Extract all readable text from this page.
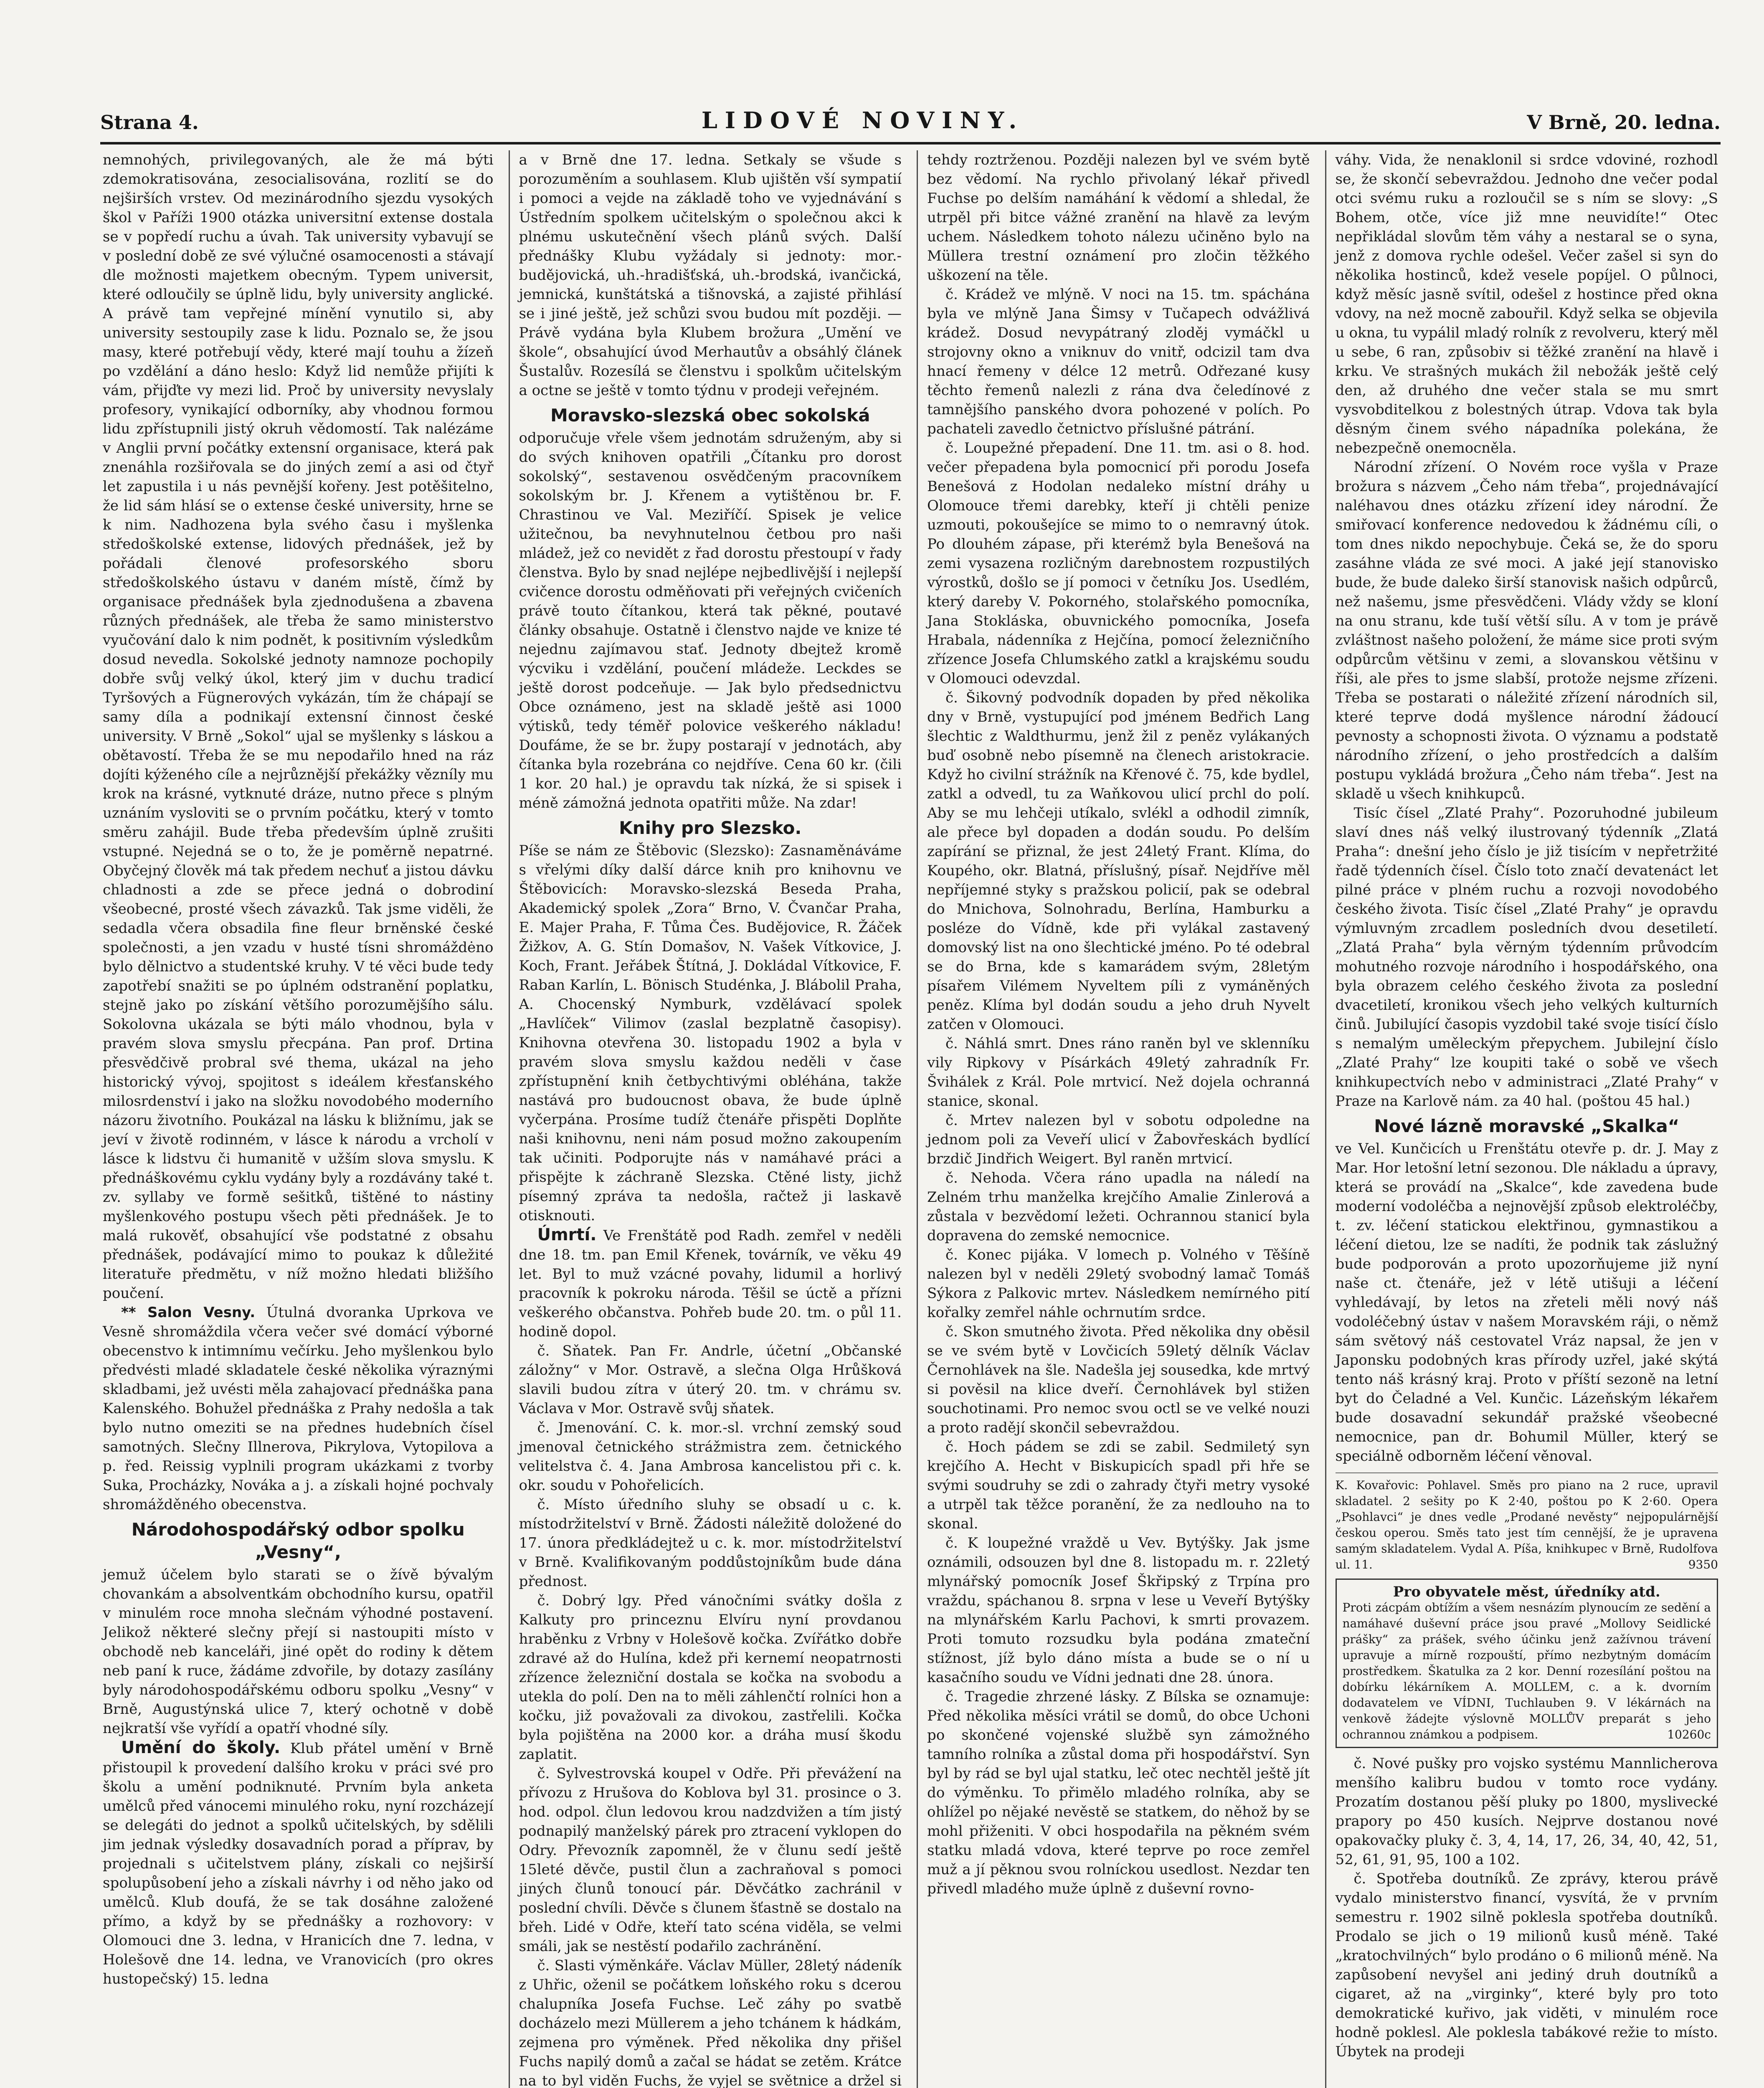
Strana 4.	LIDOVÉ NOVINY.	V Brně, 20. ledna.

nemnohých, privilegovaných, ale že má býti zdemokratisována, zesocialisována, rozlití se do nejširších vrstev. Od mezinárodního sjezdu vysokých škol v Paříži 1900 otázka universitní extense dostala se v popředí ruchu a úvah. Tak university vybavují se v poslední době ze své výlučné osamocenosti a stávají dle možnosti majetkem obecným. Typem universit, které odloučily se úplně lidu, byly university anglické. A právě tam vepřejné mínění vynutilo si, aby university sestoupily zase k lidu. Poznalo se, že jsou masy, které potřebují vědy, které mají touhu a žízeň po vzdělání a dáno heslo: Když lid nemůže přijíti k vám, přijďte vy mezi lid. Proč by university nevyslaly profesory, vynikající odborníky, aby vhodnou formou lidu zpřístupnili jistý okruh vědomostí. Tak nalézáme v Anglii první počátky extensní organisace, která pak znenáhla rozšiřovala se do jiných zemí a asi od čtyř let zapustila i u nás pevnější kořeny. Jest potěšitelno, že lid sám hlásí se o extense české university, hrne se k nim. Nadhozena byla svého času i myšlenka středoškolské extense, lidových přednášek, jež by pořádali členové profesorského sboru středoškolského ústavu v daném místě, čímž by organisace přednášek byla zjednodušena a zbavena různých přednášek, ale třeba že samo ministerstvo vyučování dalo k nim podnět, k positivním výsledkům dosud nevedla. Sokolské jednoty namnoze pochopily dobře svůj velký úkol, který jim v duchu tradicí Tyršových a Fügnerových vykázán, tím že chápají se samy díla a podnikají extensní činnost české university. V Brně „Sokol“ ujal se myšlenky s láskou a obětavostí. Třeba že se mu nepodařilo hned na ráz dojíti kýženého cíle a nejrůznější překážky vězníly mu krok na krásné, vytknuté dráze, nutno přece s plným uznáním vysloviti se o prvním počátku, který v tomto směru zahájil. Bude třeba především úplně zrušiti vstupné. Nejedná se o to, že je poměrně nepatrné. Obyčejný člověk má tak předem nechuť a jistou dávku chladnosti a zde se přece jedná o dobrodiní všeobecné, prosté všech závazků. Tak jsme viděli, že sedadla včera obsadila fine fleur brněnské české společnosti, a jen vzadu v husté tísni shromáždėno bylo dělnictvo a studentské kruhy. V té věci bude tedy zapotřebí snažiti se po úplném odstranění poplatku, stejně jako po získání většího porozumějšího sálu. Sokolovna ukázala se býti málo vhodnou, byla v pravém slova smyslu přecpána. Pan prof. Drtina přesvědčivě probral své thema, ukázal na jeho historický vývoj, spojitost s ideálem křesťanského milosrdenství i jako na složku novodobého moderního názoru životního. Poukázal na lásku k bližnímu, jak se jeví v životě rodinném, v lásce k národu a vrcholí v lásce k lidstvu či humanitě v užším slova smyslu. K přednáškovému cyklu vydány byly a rozdávány také t. zv. syllaby ve formě sešitků, tištěné to nástiny myšlenkového postupu všech pěti přednášek. Je to malá rukověť, obsahující vše podstatné z obsahu přednášek, podávající mimo to poukaz k důležité literatuře předmětu, v níž možno hledati bližšího poučení.

** Salon Vesny. Útulná dvoranka Uprkova ve Vesně shromáždila včera večer své domácí výborné obecenstvo k intimnímu večírku. Jeho myšlenkou bylo předvésti mladé skladatele české několika výraznými skladbami, jež uvésti měla zahajovací přednáška pana Kalenského. Bohužel přednáška z Prahy nedošla a tak bylo nutno omeziti se na přednes hudebních čísel samotných. Slečny Illnerova, Pikrylova, Vytopilova a p. řed. Reissig vyplnili program ukázkami z tvorby Suka, Procházky, Nováka a j. a získali hojné pochvaly shromážděného obecenstva.

Národohospodářský odbor spolku „Vesny“,

jemuž účelem bylo starati se o žívě bývalým chovankám a absolventkám obchodního kursu, opatřil v minulém roce mnoha slečnám výhodné postavení. Jelikož některé slečny přejí si nastoupiti místo v obchodě neb kanceláři, jiné opět do rodiny k dětem neb paní k ruce, žádáme zdvořile, by dotazy zasílány byly národohospodářskému odboru spolku „Vesny“ v Brně, Augustýnská ulice 7, který ochotně v době nejkratší vše vyřídí a opatří vhodné síly.

Umění do školy. Klub přátel umění v Brně přistoupil k provedení dalšího kroku v práci své pro školu a umění podniknuté. Prvním byla anketa umělců před vánocemi minulého roku, nyní rozcházejí se delegáti do jednot a spolků učitelských, by sdělili jim jednak výsledky dosavadních porad a příprav, by projednali s učitelstvem plány, získali co nejširší spolupůsobení jeho a získali návrhy i od něho jako od umělců. Klub doufá, že se tak dosáhne založené přímo, a když by se přednášky a rozhovory: v Olomouci dne 3. ledna, v Hranicích dne 7. ledna, v Holešově dne 14. ledna, ve Vranovicích (pro okres hustopečský) 15. ledna

a v Brně dne 17. ledna. Setkaly se všude s porozuměním a souhlasem. Klub ujištěn vší sympatií i pomoci a vejde na základě toho ve vyjednávání s Ústředním spolkem učitelským o společnou akci k plnému uskutečnění všech plánů svých. Další přednášky Klubu vyžádaly si jednoty: mor.-budějovická, uh.-hradišťská, uh.-brodská, ivančická, jemnická, kunštátská a tišnovská, a zajisté přihlásí se i jiné ještě, jež schůzi svou budou mít později. — Právě vydána byla Klubem brožura „Umění ve škole“, obsahující úvod Merhautův a obsáhlý článek Šustalův. Rozesílá se členstvu i spolkům učitelským a octne se ještě v tomto týdnu v prodeji veřejném.

Moravsko-slezská obec sokolská

odporučuje vřele všem jednotám sdruženým, aby si do svých knihoven opatřili „Čítanku pro dorost sokolský“, sestavenou osvědčeným pracovníkem sokolským br. J. Křenem a vytištěnou br. F. Chrastinou ve Val. Meziříčí. Spisek je velice užitečnou, ba nevyhnutelnou četbou pro naši mládež, jež co nevidět z řad dorostu přestoupí v řady členstva. Bylo by snad nejlépe nejbedlivější i nejlepší cvičence dorostu odměňovati při veřejných cvičeních právě touto čítankou, která tak pěkné, poutavé články obsahuje. Ostatně i členstvo najde ve knize té nejednu zajímavou stať. Jednoty dbejtež kromě výcviku i vzdělání, poučení mládeže. Leckdes se ještě dorost podceňuje. — Jak bylo předsednictvu Obce oznámeno, jest na skladě ještě asi 1000 výtisků, tedy téměř polovice veškerého nákladu! Doufáme, že se br. župy postarají v jednotách, aby čítanka byla rozebrána co nejdříve. Cena 60 kr. (čili 1 kor. 20 hal.) je opravdu tak nízká, že si spisek i méně zámožná jednota opatřiti může. Na zdar!

Knihy pro Slezsko.

Píše se nám ze Štěbovic (Slezsko): Zasnaměnáváme s vřelými díky další dárce knih pro knihovnu ve Štěbovicích: Moravsko-slezská Beseda Praha, Akademický spolek „Zora“ Brno, V. Čvančar Praha, E. Majer Praha, F. Tůma Čes. Budějovice, R. Žáček Žižkov, A. G. Stín Domašov, N. Vašek Vítkovice, J. Koch, Frant. Jeřábek Štítná, J. Dokládal Vítkovice, F. Raban Karlín, L. Bönisch Studénka, J. Blábolil Praha, A. Chocenský Nymburk, vzdělávací spolek „Havlíček“ Vilimov (zaslal bezplatně časopisy). Knihovna otevřena 30. listopadu 1902 a byla v pravém slova smyslu každou neděli v čase zpřístupnění knih četbychtivými obléhána, takže nastává pro budoucnost obava, že bude úplně vyčerpána. Prosíme tudíž čtenáře přispěti Doplňte naši knihovnu, neni nám posud možno zakoupením tak učiniti. Podporujte nás v namáhavé práci a přispějte k záchraně Slezska. Ctěné listy, jichž písemný zpráva ta nedošla, račtež ji laskavě otisknouti.

Úmrtí. Ve Frenštátě pod Radh. zemřel v neděli dne 18. tm. pan Emil Křenek, továrník, ve věku 49 let. Byl to muž vzácné povahy, lidumil a horlivý pracovník k pokroku národa. Těšil se úctě a přízni veškerého občanstva. Pohřeb bude 20. tm. o půl 11. hodině dopol.

č. Sňatek. Pan Fr. Andrle, účetní „Občanské záložny“ v Mor. Ostravě, a slečna Olga Hrůšková slavili budou zítra v úterý 20. tm. v chrámu sv. Václava v Mor. Ostravě svůj sňatek.

č. Jmenování. C. k. mor.-sl. vrchní zemský soud jmenoval četnického strážmistra zem. četnického velitelstva č. 4. Jana Ambrosa kancelistou při c. k. okr. soudu v Pohořelicích.

č. Místo úředního sluhy se obsadí u c. k. místodržitelství v Brně. Žádosti náležitě doložené do 17. února předkládejtež u c. k. mor. místodržitelství v Brně. Kvalifikovaným poddůstojníkům bude dána přednost.

č. Dobrý lgy. Před vánočními svátky došla z Kalkuty pro princeznu Elvíru nyní provdanou hraběnku z Vrbny v Holešově kočka. Zvířátko dobře zdravé až do Hulína, kdež při kernemí neopatrnosti zřízence železniční dostala se kočka na svobodu a utekla do polí. Den na to měli záhlenčtí rolníci hon a kočku, již považovali za divokou, zastřelili. Kočka byla pojištěna na 2000 kor. a dráha musí škodu zaplatit.

č. Sylvestrovská koupel v Odře. Při převážení na přívozu z Hrušova do Koblova byl 31. prosince o 3. hod. odpol. člun ledovou krou nadzdvižen a tím jistý podnapilý manželský párek pro ztracení vyklopen do Odry. Převozník zapomněl, že v člunu sedí ještě 15leté děvče, pustil člun a zachraňoval s pomoci jiných člunů tonoucí pár. Děvčátko zachránil v poslední chvíli. Děvče s člunem šťastně se dostalo na břeh. Lidé v Odře, kteří tato scéna viděla, se velmi smáli, jak se nestěstí podařilo zachránění.

č. Slasti výměnkáře. Václav Müller, 28letý nádeník z Uhřic, oženil se počátkem loňského roku s dcerou chalupníka Josefa Fuchse. Leč záhy po svatbě docházelo mezi Müllerem a jeho tchánem k hádkám, zejmena pro výměnek. Před několika dny přišel Fuchs napilý domů a začal se hádat se zetěm. Krátce na to byl viděn Fuchs, že vyjel se světnice a držel si

tehdy roztrženou. Později nalezen byl ve svém bytě bez vědomí. Na rychlo přivolaný lékař přivedl Fuchse po delším namáhání k vědomí a shledal, že utrpěl při bitce vážné zranění na hlavě za levým uchem. Následkem tohoto nálezu učiněno bylo na Müllera trestní oznámení pro zločin těžkého uškození na těle.

č. Krádež ve mlýně. V noci na 15. tm. spáchána byla ve mlýně Jana Šimsy v Tučapech odvážlivá krádež. Dosud nevypátraný zloděj vymáčkl u strojovny okno a vniknuv do vnitř, odcizil tam dva hnací řemeny v délce 12 metrů. Odřezané kusy těchto řemenů nalezli z rána dva čeledínové z tamnějšího panského dvora pohozené v polích. Po pachateli zavedlo četnictvo příslušné pátrání.

č. Loupežné přepadení. Dne 11. tm. asi o 8. hod. večer přepadena byla pomocnicí při porodu Josefa Benešová z Hodolan nedaleko místní dráhy u Olomouce třemi darebky, kteří ji chtěli penize uzmouti, pokoušejíce se mimo to o nemravný útok. Po dlouhém zápase, při kterémž byla Benešová na zemi vysazena rozličným darebnostem rozpustilých výrostků, došlo se jí pomoci v četníku Jos. Usedlém, který dareby V. Pokorného, stolařského pomocníka, Jana Stokláska, obuvnického pomocníka, Josefa Hrabala, nádenníka z Hejčína, pomocí železničního zřízence Josefa Chlumského zatkl a krajskému soudu v Olomouci odevzdal.

č. Šikovný podvodník dopaden by před několika dny v Brně, vystupující pod jménem Bedřich Lang šlechtic z Waldthurmu, jenž žil z peněz vylákaných buď osobně nebo písemně na členech aristokracie. Když ho civilní strážník na Křenové č. 75, kde bydlel, zatkl a odvedl, tu za Waňkovou ulicí prchl do polí. Aby se mu lehčeji utíkalo, svlékl a odhodil zimník, ale přece byl dopaden a dodán soudu. Po delším zapírání se přiznal, že jest 24letý Frant. Klíma, do Koupého, okr. Blatná, příslušný, písař. Nejdříve měl nepříjemné styky s pražskou policií, pak se odebral do Mnichova, Solnohradu, Berlína, Hamburku a posléze do Vídně, kde při vylákal zastavený domovský list na ono šlechtické jméno. Po té odebral se do Brna, kde s kamarádem svým, 28letým písařem Vilémem Nyveltem píli z vymáněných peněz. Klíma byl dodán soudu a jeho druh Nyvelt zatčen v Olomouci.

č. Náhlá smrt. Dnes ráno raněn byl ve sklenníku vily Ripkovy v Písárkách 49letý zahradník Fr. Švihálek z Král. Pole mrtvicí. Než dojela ochranná stanice, skonal.

č. Mrtev nalezen byl v sobotu odpoledne na jednom poli za Veveří ulicí v Žabovřeskách bydlící brzdič Jindřich Weigert. Byl raněn mrtvicí.

č. Nehoda. Včera ráno upadla na náledí na Zelném trhu manželka krejčího Amalie Zinlerová a zůstala v bezvědomí ležeti. Ochrannou stanicí byla dopravena do zemské nemocnice.

č. Konec pijáka. V lomech p. Volného v Těšíně nalezen byl v neděli 29letý svobodný lamač Tomáš Sýkora z Palkovic mrtev. Následkem nemírného pití kořalky zemřel náhle ochrnutím srdce.

č. Skon smutného života. Před několika dny oběsil se ve svém bytě v Lovčicích 59letý dělník Václav Černohlávek na šle. Nadešla jej sousedka, kde mrtvý si pověsil na klice dveří. Černohlávek byl stižen souchotinami. Pro nemoc svou octl se ve velké nouzi a proto radějí skončil sebevraždou.

č. Hoch pádem se zdi se zabil. Sedmiletý syn krejčího A. Hecht v Biskupicích spadl při hře se svými soudruhy se zdi o zahrady čtyři metry vysoké a utrpěl tak těžce poranění, že za nedlouho na to skonal.

č. K loupežné vraždě u Vev. Bytýšky. Jak jsme oznámili, odsouzen byl dne 8. listopadu m. r. 22letý mlynářský pomocník Josef Škřipský z Trpína pro vraždu, spáchanou 8. srpna v lese u Veveří Bytýšky na mlynářském Karlu Pachovi, k smrti provazem. Proti tomuto rozsudku byla podána zmateční stížnost, jíž bylo dáno místa a bude se o ní u kasačního soudu ve Vídni jednati dne 28. února.

č. Tragedie zhrzené lásky. Z Bílska se oznamuje: Před několika měsíci vrátil se domů, do obce Uchoni po skončené vojenské službě syn zámožného tamního rolníka a zůstal doma při hospodářství. Syn byl by rád se byl ujal statku, leč otec nechtěl ještě jít do výměnku. To přimělo mladého rolníka, aby se ohlížel po nějaké nevěstě se statkem, do něhož by se mohl přiženiti. V obci hospodařila na pěkném svém statku mladá vdova, které teprve po roce zemřel muž a jí pěknou svou rolníckou usedlost. Nezdar ten přivedl mladého muže úplně z duševní rovno-

váhy. Vida, že nenaklonil si srdce vdoviné, rozhodl se, že skončí sebevraždou. Jednoho dne večer podal otci svému ruku a rozloučil se s ním se slovy: „S Bohem, otče, více již mne neuvidíte!“ Otec nepřikládal slovům těm váhy a nestaral se o syna, jenž z domova rychle odešel. Večer zašel si syn do několika hostinců, kdež vesele popíjel. O půlnoci, když měsíc jasně svítil, odešel z hostince před okna vdovy, na než mocně zabouřil. Když selka se objevila u okna, tu vypálil mladý rolník z revolveru, který měl u sebe, 6 ran, způsobiv si těžké zranění na hlavě i krku. Ve strašných mukách žil nebožák ještě celý den, až druhého dne večer stala se mu smrt vysvobditelkou z bolestných útrap. Vdova tak byla děsným činem svého nápadníka polekána, že nebezpečně onemocněla.

Národní zřízení. O Novém roce vyšla v Praze brožura s názvem „Čeho nám třeba“, projednávající naléhavou dnes otázku zřízení idey národní. Že smiřovací konference nedovedou k žádnému cíli, o tom dnes nikdo nepochybuje. Čeká se, že do sporu zasáhne vláda ze své moci. A jaké její stanovisko bude, že bude daleko širší stanovisk našich odpůrců, než našemu, jsme přesvědčeni. Vlády vždy se kloní na onu stranu, kde tuší větší sílu. A v tom je právě zvláštnost našeho položení, že máme sice proti svým odpůrcům většinu v zemi, a slovanskou většinu v říši, ale přes to jsme slabší, protože nejsme zřízeni. Třeba se postarati o náležité zřízení národních sil, které teprve dodá myšlence národní žádoucí pevnosty a schopnosti života. O významu a podstatě národního zřízení, o jeho prostředcích a dalším postupu vykládá brožura „Čeho nám třeba“. Jest na skladě u všech knihkupců.

Tisíc čísel „Zlaté Prahy“. Pozoruhodné jubileum slaví dnes náš velký ilustrovaný týdenník „Zlatá Praha“: dnešní jeho číslo je již tisícím v nepřetržité řadě týdenních čísel. Číslo toto značí devatenáct let pilné práce v plném ruchu a rozvoji novodobého českého života. Tisíc čísel „Zlaté Prahy“ je opravdu výmluvným zrcadlem posledních dvou desetiletí. „Zlatá Praha“ byla věrným týdenním průvodcím mohutného rozvoje národního i hospodářského, ona byla obrazem celého českého života za poslední dvacetiletí, kronikou všech jeho velkých kulturních činů. Jubilující časopis vyzdobil také svoje tisící číslo s nemalým uměleckým přepychem. Jubilejní číslo „Zlaté Prahy“ lze koupiti také o sobě ve všech knihkupectvích nebo v administraci „Zlaté Prahy“ v Praze na Karlově nám. za 40 hal. (poštou 45 hal.)

Nové lázně moravské „Skalka“

ve Vel. Kunčicích u Frenštátu otevře p. dr. J. May z Mar. Hor letošní letní sezonou. Dle nákladu a úpravy, která se provádí na „Skalce“, kde zavedena bude moderní vodoléčba a nejnovější způsob elektroléčby, t. zv. léčení statickou elektřinou, gymnastikou a léčení dietou, lze se nadíti, že podnik tak záslužný bude podporován a proto upozorňujeme již nyní naše ct. čtenáře, jež v létě utišuji a léčení vyhledávají, by letos na zřeteli měli nový náš vodoléčebný ústav v našem Moravském ráji, o němž sám světový náš cestovatel Vráz napsal, že jen v Japonsku podobných kras přírody uzřel, jaké skýtá tento náš krásný kraj. Proto v příští sezoně na letní byt do Čeladné a Vel. Kunčic. Lázeňským lékařem bude dosavadní sekundář pražské všeobecné nemocnice, pan dr. Bohumil Müller, který se speciálně odborněm léčení věnoval.

K. Kovařovic: Pohlavel. Směs pro piano na 2 ruce, upravil skladatel. 2 sešity po K 2·40, poštou po K 2·60. Opera „Psohlavci“ je dnes vedle „Prodané nevěsty“ nejpopulárnější českou operou. Směs tato jest tím cennější, že je upravena samým skladatelem. Vydal A. Píša, knihkupec v Brně, Rudolfova ul. 11.	9350
Pro obyvatele měst, úředníky atd.
Proti zácpám obtížím a všem nesnázím plynoucím ze sedění a namáhavé duševní práce jsou pravé „Mollovy Seidlické prášky“ za prášek, svého účinku jenž zažívnou trávení upravuje a mírně rozpouští, přímo nezbytným domácím prostředkem. Škatulka za 2 kor. Denní rozesílání poštou na dobírku lékárníkem A. MOLLEM, c. a k. dvorním dodavatelem ve VÍDNI, Tuchlauben 9. V lékárnách na venkově žádejte výslovně MOLLŮV preparát s jeho ochrannou známkou a podpisem.	10260c

č. Nové pušky pro vojsko systému Mannlicherova menšího kalibru budou v tomto roce vydány. Prozatím dostanou pěší pluky po 1800, myslivecké prapory po 450 kusích. Nejprve dostanou nové opakovačky pluky č. 3, 4, 14, 17, 26, 34, 40, 42, 51, 52, 61, 91, 95, 100 a 102.

č. Spotřeba doutníků. Ze zprávy, kterou právě vydalo ministerstvo financí, vysvítá, že v prvním semestru r. 1902 silně poklesla spotřeba doutníků. Prodalo se jich o 19 milionů kusů méně. Také „kratochvilných“ bylo prodáno o 6 milionů méně. Na zapůsobení nevyšel ani jediný druh doutníků a cigaret, až na „virginky“, které byly pro toto demokratické kuřivo, jak viděti, v minulém roce hodně poklesl. Ale poklesla tabákové režie to místo. Úbytek na prodeji
